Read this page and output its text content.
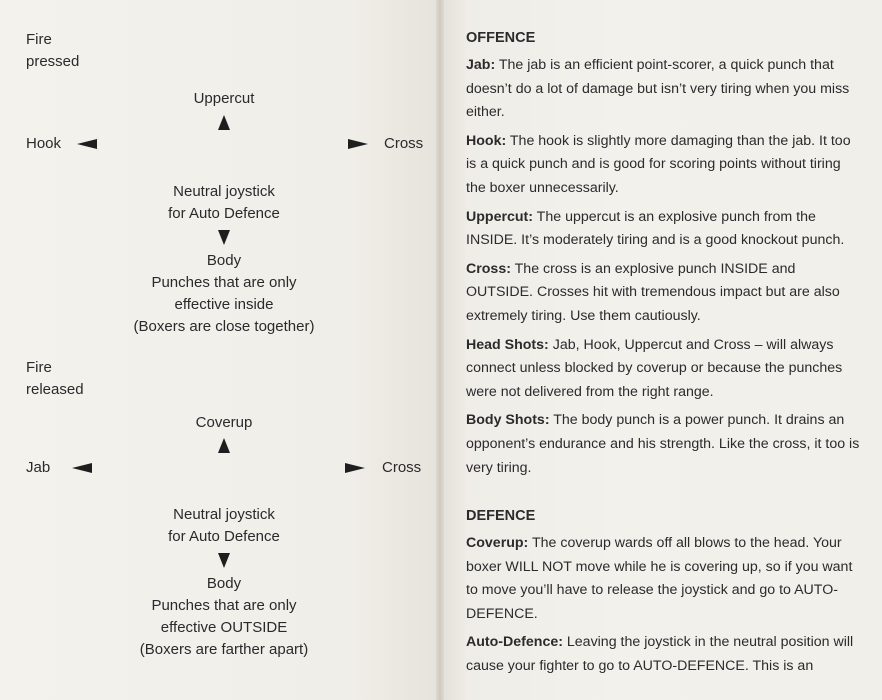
Fire
pressed
Uppercut
Hook	Cross
Neutral joystick
for Auto Defence
Body
Punches that are only
effective inside
(Boxers are close together)
Fire
released
Coverup
Jab	Cross
Neutral joystick
for Auto Defence
Body
Punches that are only
effective OUTSIDE
(Boxers are farther apart)
OFFENCE

Jab: The jab is an efficient point-scorer, a quick punch that doesn’t do a lot of damage but isn’t very tiring when you miss either.

Hook: The hook is slightly more damaging than the jab. It too is a quick punch and is good for scoring points without tiring the boxer unnecessarily.

Uppercut: The uppercut is an explosive punch from the INSIDE. It’s moderately tiring and is a good knockout punch.

Cross: The cross is an explosive punch INSIDE and OUTSIDE. Crosses hit with tremendous impact but are also extremely tiring. Use them cautiously.

Head Shots: Jab, Hook, Uppercut and Cross – will always connect unless blocked by coverup or because the punches were not delivered from the right range.

Body Shots: The body punch is a power punch. It drains an opponent’s endurance and his strength. Like the cross, it too is very tiring.

DEFENCE

Coverup: The coverup wards off all blows to the head. Your boxer WILL NOT move while he is covering up, so if you want to move you’ll have to release the joystick and go to AUTO-DEFENCE.

Auto-Defence: Leaving the joystick in the neutral position will cause your fighter to go to AUTO-DEFENCE. This is an
